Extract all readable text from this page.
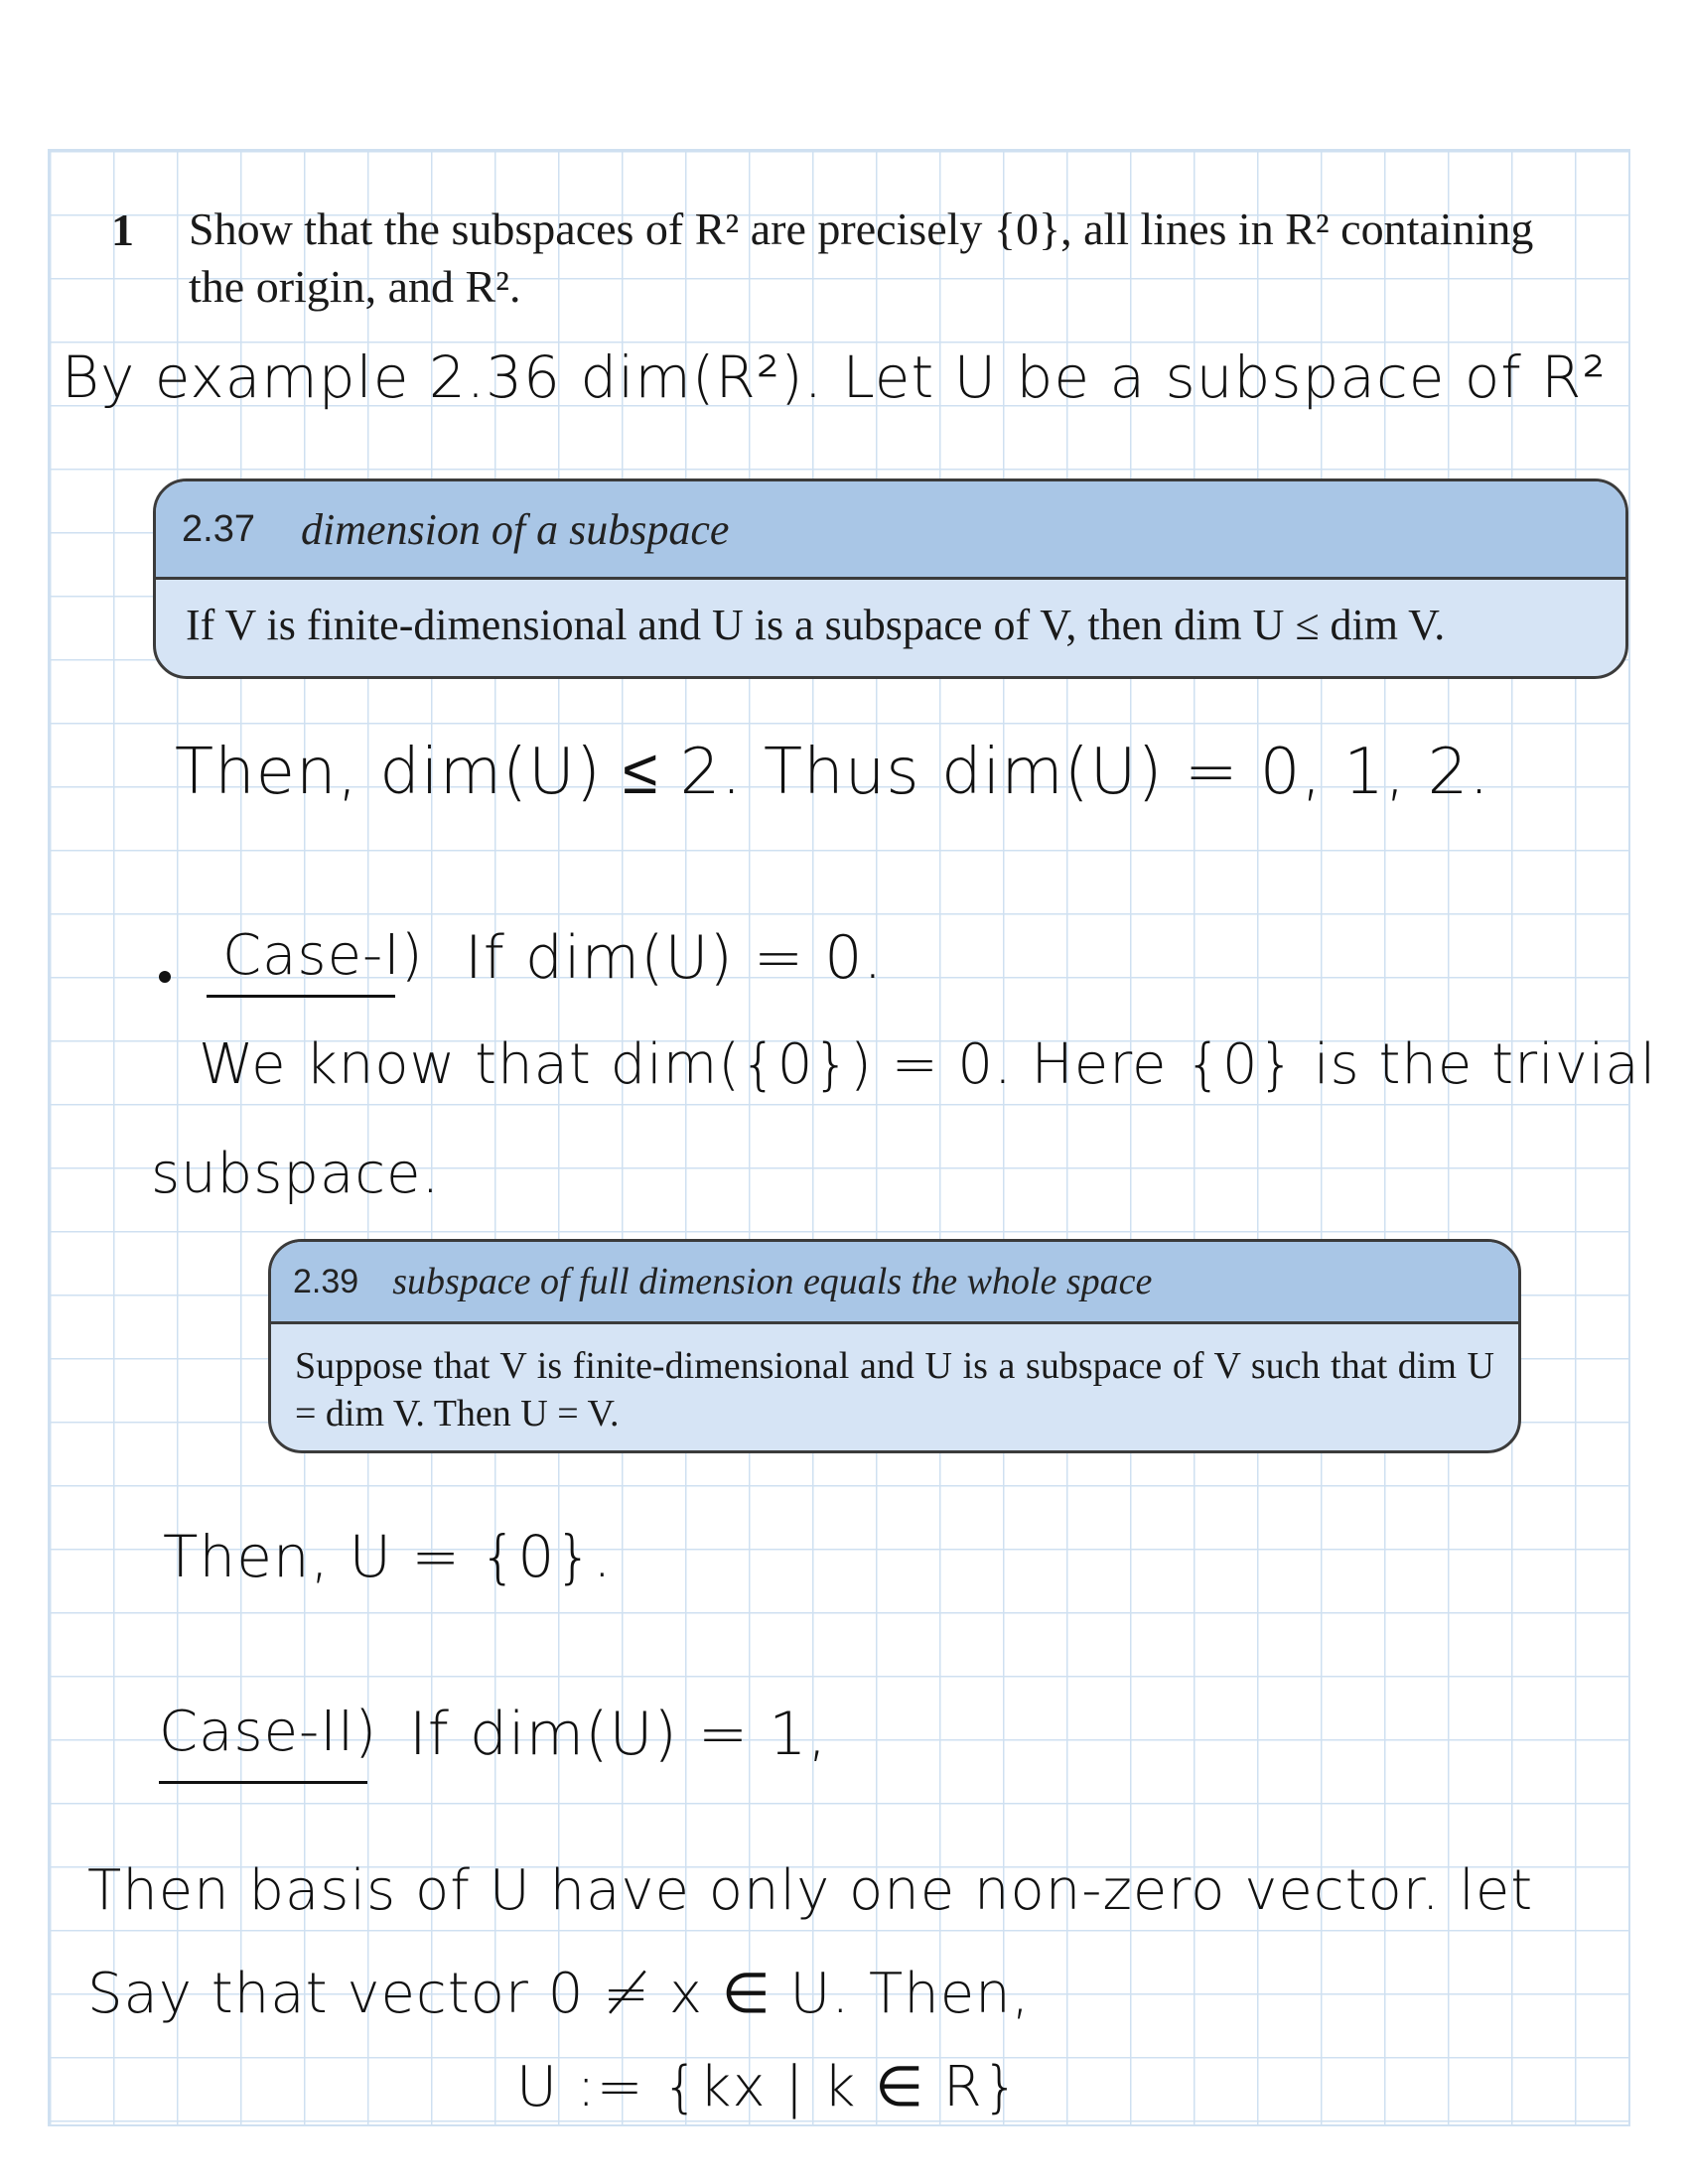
1 Show that the subspaces of R² are precisely {0}, all lines in R² containing
the origin, and R².
By example 2.36 dim(R²). Let U be a subspace of R²
2.37 dimension of a subspace
If V is finite-dimensional and U is a subspace of V, then dim U ≤ dim V.
Then, dim(U) ≤ 2. Thus dim(U) = 0, 1, 2.
Case-I) If dim(U) = 0.
We know that dim({0}) = 0. Here {0} is the trivial
subspace.
2.39 subspace of full dimension equals the whole space
Suppose that V is finite-dimensional and U is a subspace of V such that dim U = dim V. Then U = V.
Then, U = {0}.
Case-II) If dim(U) = 1,
Then basis of U have only one non-zero vector. let
Say that vector 0 ≠ x ∈ U. Then,
U := {kx | k ∈ R}
